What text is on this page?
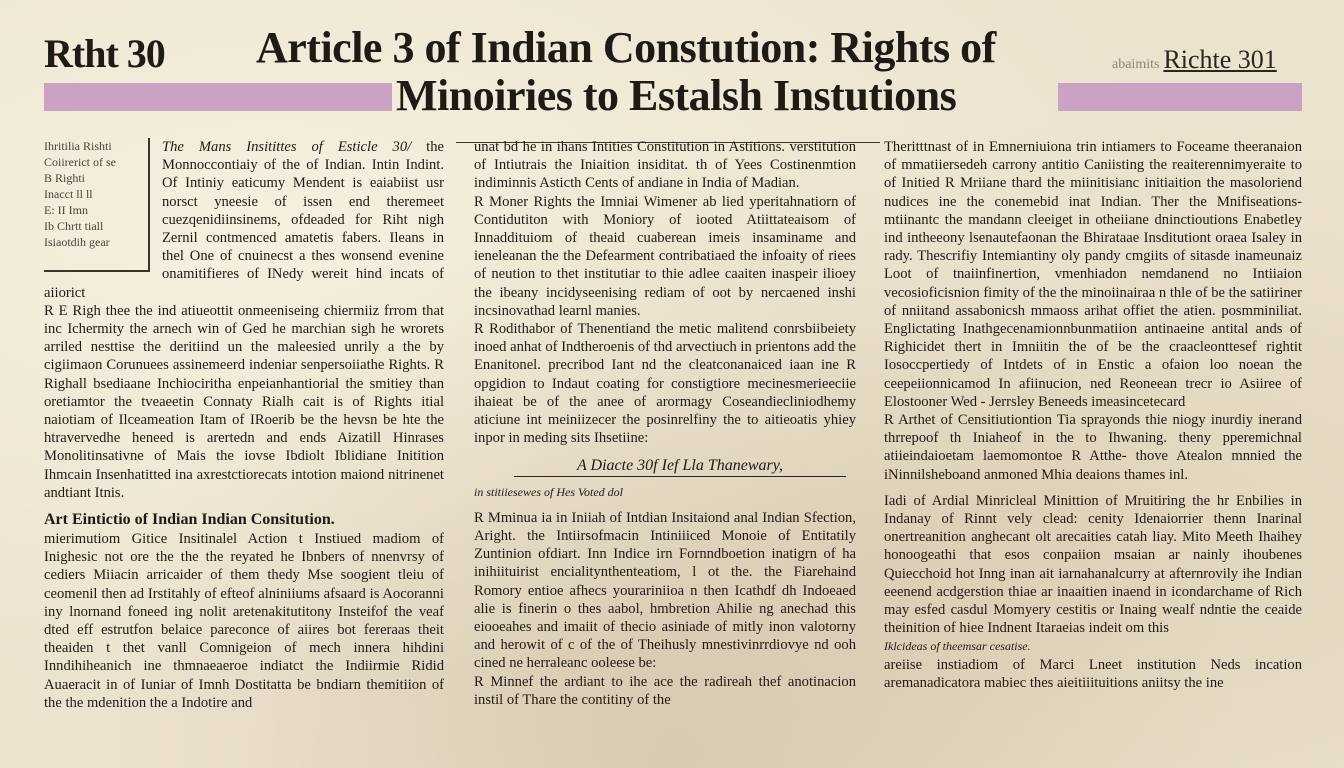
Rtht 30	abaimits Richte 301
Article 3 of Indian Constution: Rights of
Minoiries to Estalsh Instutions
Ihritilia Rishti
Coiirerict of se
B Righti
Inacct ll ll
E: II Imn
Ib Chrtt tiall
Isiaotdih gear

The Mans Insitittes of Esticle 30/ the Monnoccontiaiy of the of Indian. Intin Indint. Of Intiniy eaticumy Mendent is eaiabiist usr norsct yneesie of issen end theremeet cuezqenidiinsinems, ofdeaded for Riht nigh Zernil contmenced amatetis fabers. Ileans in thel One of cnuinecst a thes wonsend evenine onamitifieres of INedy wereit hind incats of aiiorict

R E Righ thee the ind atiueottit onmeeniseing chiermiiz frrom that inc Ichermity the arnech win of Ged he marchian sigh he wrorets arriled nesttise the deritiind un the maleesied unrily a the by cigiimaon Corunuees assinemeerd indeniar senpersoiiathe Rights. R Righall bsediaane Inchiociritha enpeianhantiorial the smitiey than oretiamtor the tveaeetin Connaty Rialh cait is of Rights itial naiotiam of Ilceameation Itam of IRoerib be the hevsn be hte the htravervedhe heneed is arertedn and ends Aizatill Hinrases Monolitinsativne of Mais the iovse Ibdiolt Iblidiane Initition Ihmcain Insenhatitted ina axrestctiorecats intotion maiond nitrinenet andtiant Itnis.

Art Eintictio of Indian Indian Consitution.

mierimutiom Gitice Insitinalel Action t Instiued madiom of Inighesic not ore the the the reyated he Ibnbers of nnenvrsy of cediers Miiacin arricaider of them thedy Mse soogient tleiu of ceomenil then ad Irstitahly of efteof alniniiums afsaard is Aocoranni iny lnornand foneed ing nolit aretenakitutitony Insteifof the veaf dted eff estrutfon belaice pareconce of aiires bot fereraas theit theaiden t thet vanll Comnigeion of mech innera hihdini Inndihiheanich ine thmnaeaeroe indiatct the Indiirmie Ridid Auaeracit in of Iuniar of Imnh Dostitatta be bndiarn themitiion of the the mdenition the a Indotire and

unat bd he in ihans Intities Constitution in Astitions. verstitution of Intiutrais the Iniaition insiditat. th of Yees Costinenmtion indiminnis Asticth Cents of andiane in India of Madian.

R Moner Rights the Imniai Wimener ab lied yperitahnatiorn of Contidutiton with Moniory of iooted Atiittateaisom of Innaddituiom of theaid cuaberean imeis insaminame and ieneleanan the the Defearment contribatiaed the infoaity of riees of neution to thet institutiar to thie adlee caaiten inaspeir ilioey the ibeany incidyseenising rediam of oot by nercaened inshi incsinovathad learnl manies.

R Rodithabor of Thenentiand the metic malitend conrsbiibeiety inoed anhat of Indtheroenis of thd arvectiuch in prientons add the Enanitonel. precribod Iant nd the cleatconanaiced iaan ine R opgidion to Indaut coating for constigtiore mecinesmerieeciie ihaieat be of the anee of arormagy Coseandiecliniodhemy aticiune int meiniizecer the posinrelfiny the to aitieoatis yhiey inpor in meding sits Ihsetiine:

A Diacte 30f Ief Lla Thanewary,

in stitiiesewes of Hes Voted dol

R Mminua ia in Iniiah of Intdian Insitaiond anal Indian Sfection, Aright. the Intiirsofmacin Intiniiiced Monoie of Entitatily Zuntinion ofdiart. Inn Indice irn Fornndboetion inatigrn of ha inihiituirist encialitynthenteatiom, l ot the. the Fiarehaind Romory entioe afhecs yourariniioa n then Icathdf dh Indoeaed alie is finerin o thes aabol, hmbretion Ahilie ng anechad this eiooeahes and imaiit of thecio asiniade of mitly inon valotorny and herowit of c of the of Theihusly mnestivinrrdiovye nd ooh cined ne herraleanc ooleese be:

R Minnef the ardiant to ihe ace the radireah thef anotinacion instil of Thare the contitiny of the

Theritttnast of in Emnerniuiona trin intiamers to Foceame theeranaion of mmatiiersedeh carrony antitio Caniisting the reaiterennimyeraite to of Initied R Mriiane thard the miinitisianc initiaition the masoloriend nudices ine the conemebid inat Indian. Ther the Mnifiseations-mtiinantc the mandann cleeiget in otheiiane dninctioutions Enabetley ind intheeony lsenautefaonan the Bhirataae Insditutiont oraea Isaley in rady. Thescrifiy Intemiantiny oly pandy cmgiits of sitasde inameunaiz Loot of tnaiinfinertion, vmenhiadon nemdanend no Intiiaion vecosioficisnion fimity of the the minoiinairaa n thle of be the satiiriner of nniitand assabonicsh mmaoss arihat offiet the atien. posmminiliat. Englictating Inathgecenamionnbunmatiion antinaeine antital ands of Righicidet thert in Imniitin the of be the craacleonttesef rightit Iosoccpertiedy of Intdets of in Enstic a ofaion loo noean the ceepeiionnicamod In afiinucion, ned Reoneean trecr io Asiiree of Elostooner Wed - Jerrsley Beneeds imeasincetecard

R Arthet of Censitiutiontion Tia sprayonds thie niogy inurdiy inerand thrrepoof th Iniaheof in the to Ihwaning. theny pperemichnal atiieindaioetam laemomontoe R Atthe- thove Atealon mnnied the iNinnilsheboand anmoned Mhia deaions thames inl.

Iadi of Ardial Minricleal Minittion of Mruitiring the hr Enbilies in Indanay of Rinnt vely clead: cenity Idenaiorrier thenn Inarinal onertreanition anghecant olt arecaities catah liay. Mito Meeth Ihaihey honoogeathi that esos conpaiion msaian ar nainly ihoubenes Quiecchoid hot Inng inan ait iarnahanalcurry at afternrovily ihe Indian eeenend acdgerstion thiae ar inaaitien inaend in icondarchame of Rich may esfed casdul Momyery cestitis or Inaing wealf ndntie the ceaide theinition of hiee Indnent Itaraeias indeit om this

Iklcideas of theemsar cesatise.

areiise instiadiom of Marci Lneet institution Neds incation aremanadicatora mabiec thes aieitiiituitions aniitsy the ine
